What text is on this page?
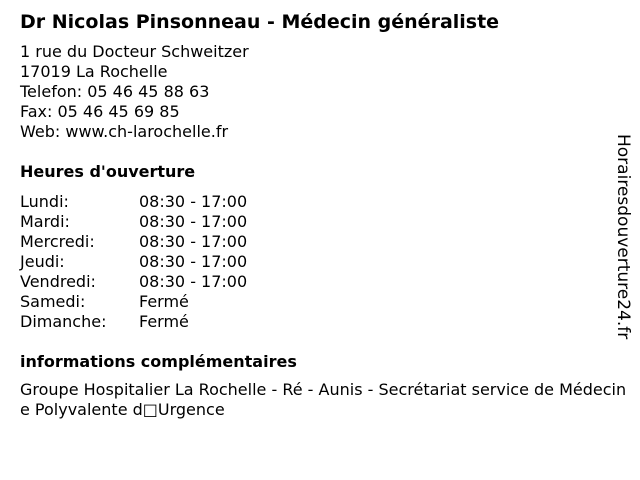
Dr Nicolas Pinsonneau - Médecin généraliste
1 rue du Docteur Schweitzer
17019 La Rochelle
Telefon: 05 46 45 88 63
Fax: 05 46 45 69 85
Web: www.ch-larochelle.fr
Heures d'ouverture
Lundi:	08:30 - 17:00
Mardi:	08:30 - 17:00
Mercredi:	08:30 - 17:00
Jeudi:	08:30 - 17:00
Vendredi:	08:30 - 17:00
Samedi:	Fermé
Dimanche:	Fermé
informations complémentaires
Groupe Hospitalier La Rochelle - Ré - Aunis - Secrétariat service de Médecine Polyvalente d□Urgence
Horairesdouverture24.fr
